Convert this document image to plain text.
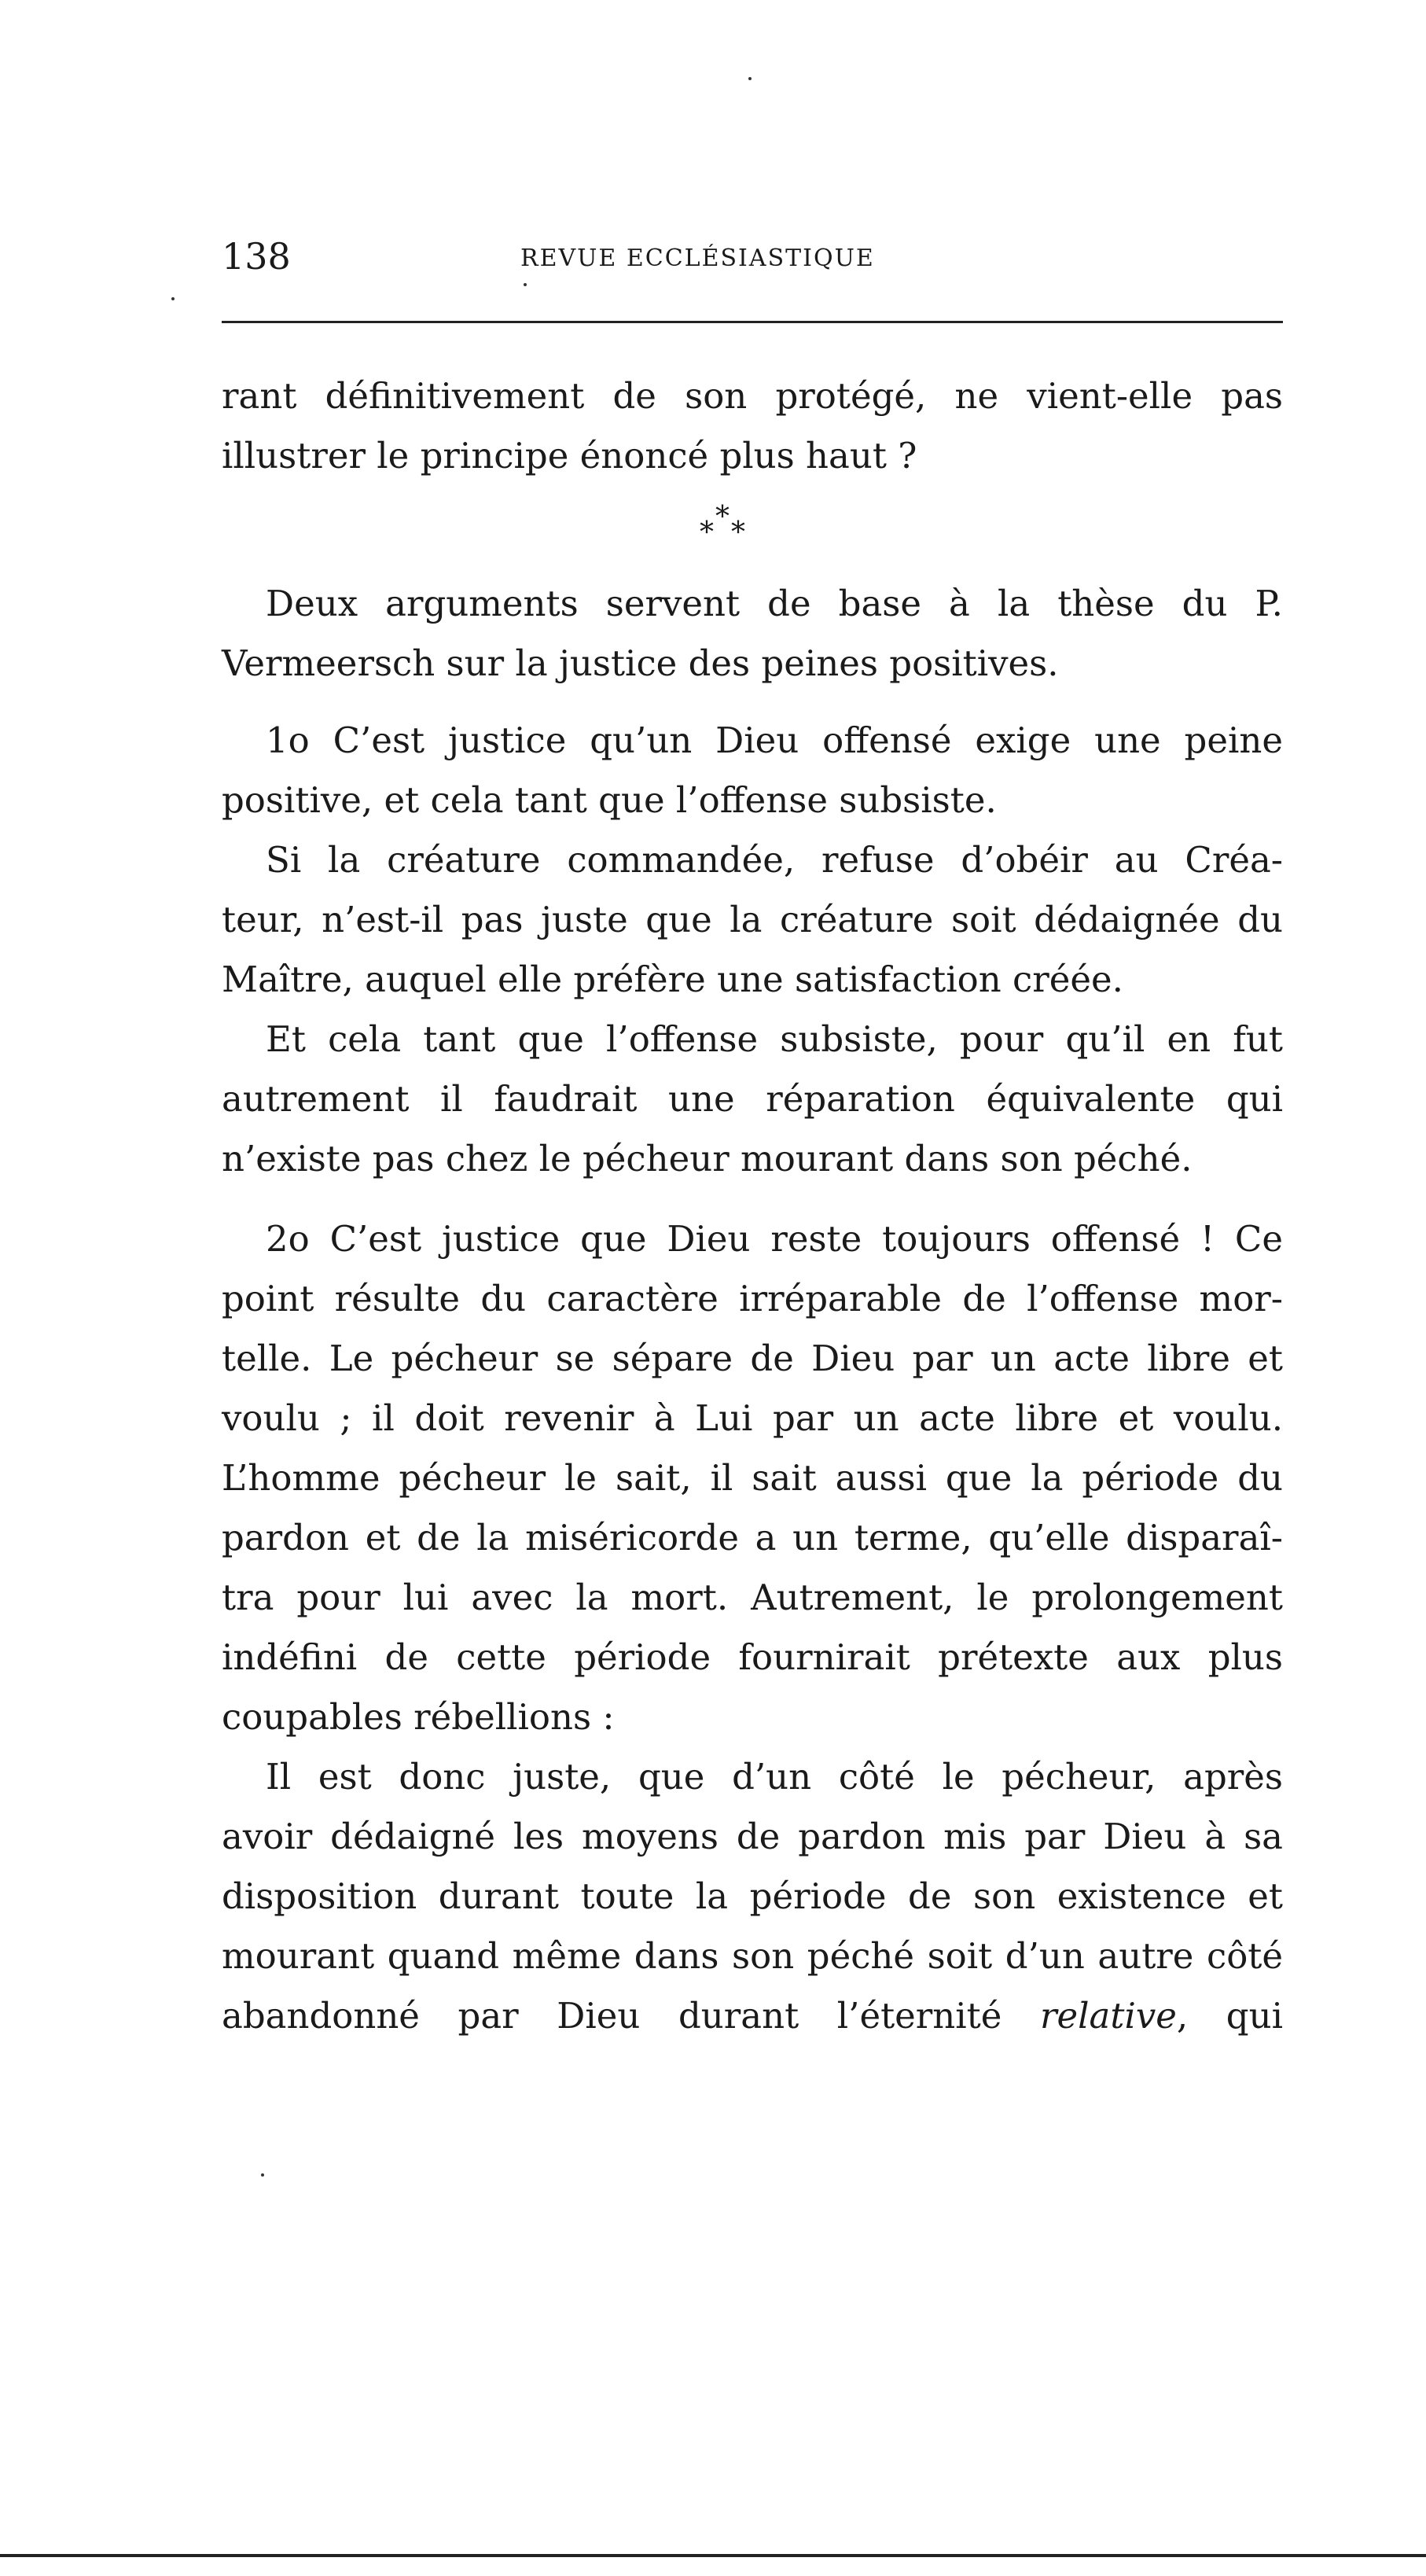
138	REVUE ECCLÉSIASTIQUE
rant définitivement de son protégé, ne vient-elle pas
illustrer le principe énoncé plus haut ?
*
* *
Deux arguments servent de base à la thèse du P.
Vermeersch sur la justice des peines positives.
1o C’est justice qu’un Dieu offensé exige une peine
positive, et cela tant que l’offense subsiste.
Si la créature commandée, refuse d’obéir au Créa-
teur, n’est-il pas juste que la créature soit dédaignée du
Maître, auquel elle préfère une satisfaction créée.
Et cela tant que l’offense subsiste, pour qu’il en fut
autrement il faudrait une réparation équivalente qui
n’existe pas chez le pécheur mourant dans son péché.
2o C’est justice que Dieu reste toujours offensé ! Ce
point résulte du caractère irréparable de l’offense mor-
telle. Le pécheur se sépare de Dieu par un acte libre et
voulu ; il doit revenir à Lui par un acte libre et voulu.
L’homme pécheur le sait, il sait aussi que la période du
pardon et de la miséricorde a un terme, qu’elle disparaî-
tra pour lui avec la mort. Autrement, le prolongement
indéfini de cette période fournirait prétexte aux plus
coupables rébellions :
Il est donc juste, que d’un côté le pécheur, après
avoir dédaigné les moyens de pardon mis par Dieu à sa
disposition durant toute la période de son existence et
mourant quand même dans son péché soit d’un autre côté
abandonné par Dieu durant l’éternité relative, qui
